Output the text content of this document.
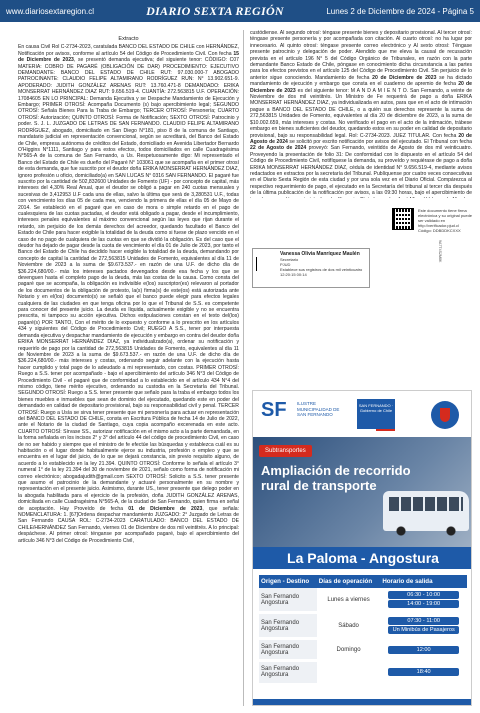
www.diariosextaregion.cl	DIARIO SEXTA REGIÓN	Lunes 2 de Diciembre de 2024 - Página 5
Extracto
En causa Civil Rol C-2734-2023, caratulada BANCO DEL ESTADO DE CHILE con HERNÁNDEZ, Notificación por avisos, conforme al artículo 54 del Código de Procedimiento Civil. Con fecha 15 de Diciembre de 2023, se presentó demanda ejecutiva; del siguiente tenor: CÓDIGO: C07 MATERIA: COBRO DE PAGARÉ (OBLIGACIÓN DE DAR) PROCEDIMIENTO: EJECUTIVO DEMANDANTE: BANCO DEL ESTADO DE CHILE RUT: 97.030.000-7 ABOGADO PATROCINANTE: CLAUDIO FELIPE ALTAMIRANO RODRÍGUEZ RUN: N° 13.902.651-9. APODERADO: JUDITH GONZÁLEZ ARENAS RUT: 13.760.471-8 DEMANDADO: ERIKA MONSERRAT HERNÁNDEZ DIAZ RUT: 9.656.519-4. CUANTÍA: 272.563815 U.F. OPERACIÓN: 17084605 EN LO PRINCIPAL: Demanda Ejecutiva y se Despache Mandamiento de Ejecución y Embargo; PRIMER OTROSÍ: Acompaña Documento (s) bajo apercibimiento legal; SEGUNDO OTROSÍ: Señala Bienes Para la Traba de Embargo; TERCER OTROSÍ: Personería; CUARTO OTROSÍ: Autorización; QUINTO OTROSÍ: Forma de Notificación; SEXTO OTROSÍ: Patrocinio y poder. S. J. L. JUZGADO DE LETRAS DE SAN FERNANDO. CLAUDIO FELIPE ALTAMIRANO RODRÍGUEZ, abogado, domiciliado en San Diego N°181, piso 8 de la comuna de Santiago, mandatario judicial en representación convencional, según se acreditará, del Banco del Estado de Chile, empresa autónoma de créditos del Estado, domiciliado en Avenida Libertador Bernardo O'Higgins N°1111, Santiago y para estos efectos, todos domiciliados en calle Cuadragésima N°565-A de la comuna de San Fernando, a Us. Respetuosamente digo: Mi representado el Banco del Estado de Chile es dueño del Pagaré N° 103061 que se acompaña en el primer otrosí de esta demanda, que fue suscrito por el deudor doña ERIKA MONSERRAT HERNÁNDEZ DIAZ, ignoro profesión u oficio, domiciliado(a) en SAN LUCAS N° 0316 SAN FERNANDO. El pagaré fue suscrito por la cantidad de 502,832600 Unidades de Fomento (UF) - por concepto de capital, más intereses del 4,30% Real Anual, que el deudor se obligó a pagar en 240 cuotas mensuales y sucesivas de 3,412953 U.F cada una de ellas, salvo la última que será de 3,280531 U.F., todas con vencimiento los días 05 de cada mes, venciendo la primera de ellas el día 05 de Mayo de 2014. Se estableció en el pagaré que en caso de mora o simple retardo en el pago de cualesquiera de las cuotas pactadas, el deudor está obligado a pagar, desde el incumplimiento, intereses penales equivalentes al máximo convencional según las leyes que rijan durante el retardo, sin perjuicio de los demás derechos del acreedor, quedando facultado el Banco del Estado de Chile para hacer exigible la totalidad de la deuda como si fuese de plazo vencido en el caso de no pago de cualquiera de las cuotas en que se dividió la obligación. Es del caso que el deudor ha dejado de pagar desde la cuota de vencimiento el día 01 de Julio de 2023, por tanto el Banco del Estado de Chile ha decidido hacer exigible la totalidad de la deuda, demandando por concepto de capital la cantidad de 272,563815 Unidades de Fomento, equivalentes al día 11 de Noviembre de 2023 a la suma de $9.673.537.- en razón de una U.F. de dicho día de $36.224,680/00.- más los intereses pactados devengados desde esa fecha y los que se devenguen hasta el completo pago de la deuda, más las costas de la causa. Como consta del pagaré que se acompaña, la obligación es indivisible e(los) suscriptor(es) relevaron al portador de los documentos de la obligación de protesto, la(s) firma(s) de este(os) está autorizada ante Notario y en el(los) documento(s) se señaló que el banco puede elegir para efectos legales cualquiera de las ciudades en que tenga oficina por lo que el Tribunal de S.S. es competente para conocer del presente juicio. La deuda es líquida, actualmente exigible y no se encuentra prescrita, ni tampoco su acción ejecutiva. Dichos estipulaciones constan en el texto del(los) pagaré(s) POR TANTO, Con el mérito de lo expuesto y conforme a lo prescrito en los artículos 434 y siguientes del Código de Procedimiento Civil; RUEGO A S.S., tener por interpuesta demanda ejecutiva y despachar mandamiento de ejecución y embargo en contra del deudor doña ERIKA MONSERRAT HERNÁNDEZ DIAZ, ya individualizado(a), ordenar su notificación y requerirlo de pago por la cantidad de 272,563815 Unidades de Fomento, equivalentes al día 11 de Noviembre de 2023 a la suma de $9.673.537.- en razón de una U.F. de dicho día de $36.224,680/00.- más intereses y costas, ordenando seguir adelante con la ejecución hasta hacer cumplido y total pago de lo adeudado a mi representado, con costas. PRIMER OTROSÍ: Ruego a S.S. tener por acompañado - bajo el apercibimiento del artículo 346 N°3 del Código de Procedimiento Civil - el pagaré que de conformidad a lo establecido en el artículo 434 N°4 del mismo código, tiene mérito ejecutivo, ordenando su custodia en la Secretaría del Tribunal. SEGUNDO OTROSÍ: Ruego a S.S. tener presente que señalo para la traba el embargo todos los bienes muebles e inmuebles que sean de dominio del ejecutado, quedando este en poder del demandado en calidad de depositario provisional, bajo su responsabilidad civil y penal. TERCER OTROSÍ: Ruego a Usía se sirva tener presente que mi personería para actuar en representación del BANCO DEL ESTADO DE CHILE, consta en Escritura Pública de fecha 14 de Julio de 2022, ante el Notario de la ciudad de Santiago, cuya copia acompaño excerenada en este acto. CUARTO OTROSÍ: Sírvase SS., autorizar notificación en el mismo acto a la parte demandada, en la forma señalada en los incisos 2° y 3° del artículo 44 del código de procedimiento Civil, en caso de no ser habido y siempre que el ministro de fe efectúe las búsquedas y establezca cuál es su habitación o el lugar donde habitualmente ejerce su industria, profesión o empleo y que se encuentra en el lugar del juicio, de lo que se dejará constancia, sin previo requisito alguno, de acuerdo a lo establecido en la ley 21.394. QUINTO OTROSÍ: Conforme lo señala el artículo 3° numeral 1° de la ley 21.394 del 30 de noviembre de 2021, señalo como forma de notificación mi correo electrónico; abogadajudith@gmail.com SEXTO OTROSÍ: Solicito a S.S. tener presente que asumo el patrocinio de la demandante y actuaré personalmente en su nombre y representación en el presente juicio. Asimismo, durante US., tener presente que delego poder en la abogada habilitada para el ejercicio de la profesión, doña JUDITH GONZÁLEZ ARENAS, domiciliada en calle Cuadragésima N°565-A, de la ciudad de San Fernando, quien firma en señal de aceptación. Hay Proveído de fecha 01 de Diciembre de 2023, que señala: NOMENCLATURA: 1. [67]Ordena despachar mandamiento JUZGADO: 2° Juzgado de Letras de San Fernando CAUSA ROL: C-2734-2023 CARATULADO: BANCO DEL ESTADO DE CHILE/HERNÁNDEZ San Fernando, viernes 01 de Diciembre de dos mil veintitrés. A lo principal: despáchese. Al primer otrosí: ténganse por acompañado pagaré, bajo el apercibimiento del artículo 346 N°3 del Código de Procedimiento Civil,
custódiense. Al segundo otrosí: téngase presente bienes y depositario provisional. Al tercer otrosí: téngase presente personería y por acompañada con citación. Al cuarto otrosí: no ha lugar por innecesario. Al quinto otrosí: téngase presente correo electrónico y Al sexto otrosí: Téngase presente patrocinio y delegación de poder. Atendido que me eleva la causal de recusación prevista en el artículo 196 N° 5 del Código Orgánico de Tribunales, en razón con la parte demandante Banco Estado de Chile, póngase en conocimiento dicha circunstancia a las partes para los efectos previstos en el artículo 125 del Código de Procedimiento Civil. Sin perjuicio de lo anterior sigue conociendo. Mandamiento de fecha 20 de Diciembre de 2023 se ha dictado mandamiento de ejecución y embargo que consta en el cuaderno de apremio de fecha 20 de Diciembre de 2023 es del siguiente tenor: M A N D A M I E N T O. San Fernando, a veinte de Noviembre de dos mil veintitrés. Un Ministro de Fe requerirá de pago a doña ERIKA MONSERRAT HERNÁNDEZ DIAZ, ya individualizada en autos, para que en el acto de intimación pague a BANCO DEL ESTADO DE CHILE, o a quién sus derechos represente la suma de 272,563815 Unidades de Fomento, equivalentes al día 20 de diciembre de 2023, a la suma de $10.002.659, más intereses y costas. No verificado el pago en el acto de la intimación, trábese embargo en bienes suficientes del deudor, quedando estos en su poder en calidad de depositario provisional, bajo su responsabilidad legal. Rol: C-2734-2023. JUEZ TITULAR. Con fecha 20 de Agosto de 2024 se solicitó por escrito notificación por avisos del ejecutado. El Tribunal con fecha 22 de Agosto de 2024 proveyó: San Fernando, veintidós de Agosto de dos mil veinticuatro. Proveyendo la presentación de folio 31: De conformidad con lo dispuesto en el artículo 54 del Código de Procedimiento Civil, notifíquese la demanda, su proveído y requiérase de pago a doña ERIKA MONSERRAT HERNÁNDEZ DIAZ, cédula de identidad N° 9.656.519-4, mediante avisos redactados en extractos por la secretaría del Tribunal. Publíquense por cuatro veces consecutivas en el Diario Sexta Región de esta ciudad y por una sola vez en el Diario Oficial. Compárezca al respectivo requerimiento de pago, el ejecutado en la Secretaría del tribunal al tercer día después de la última publicación de la notificación por avisos, a las 09:30 horas, bajo el apercibimiento de
Este documento tiene firma electrónica y su original puede ser validado en http://verificador.pjud.cl
Código: DDBDDKCXXX
Vanessa Olivia Manríquez Maulén
Secretario
PJUD
Establece sus registros de dos mil veinticuatro
12:20:15 00:14
9A7T4S2M8K
SF ILUSTRE MUNICIPALIDAD DE SAN FERNANDO
SAN FERNANDO · Gobierno de Chile
Subtransportes
Ampliación de recorrido rural de transporte
La Paloma - Angostura
Origen - Destino	Días de operación	Horario de salida
San Fernando
Angostura	Lunes a viernes	06:30 - 10:00
14:00 - 19:00

San Fernando
Angostura	Sábado	07:30 - 11:00
Un Minibús de Pasajeros

San Fernando
Angostura	Domingo	12:00

San Fernando
Angostura		18:40
